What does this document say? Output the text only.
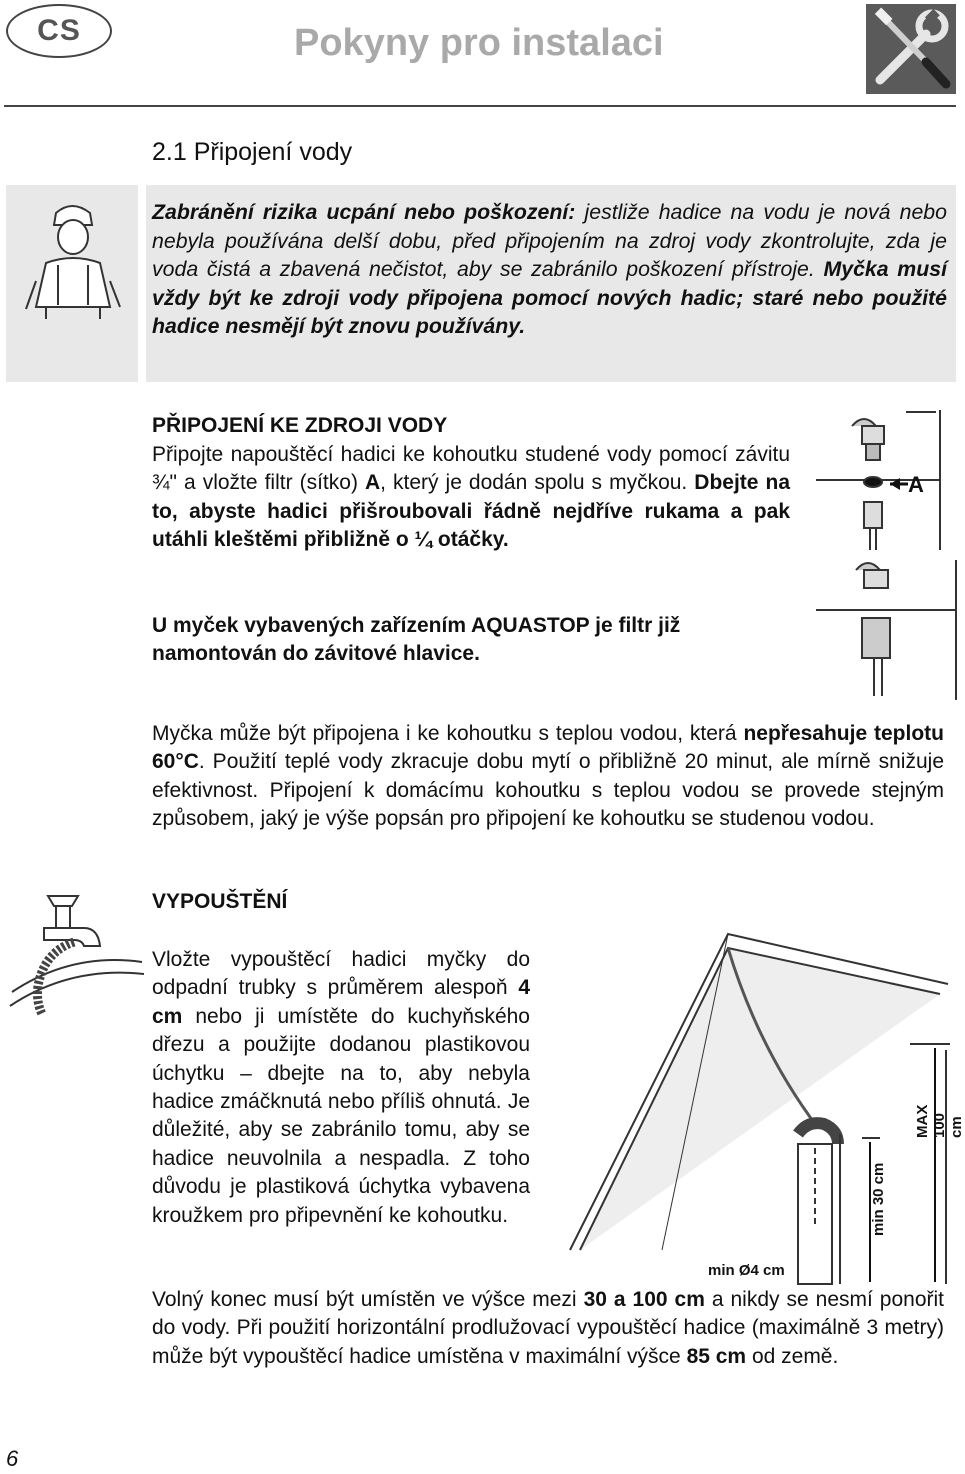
CS	Pokyny pro instalaci
2.1 Připojení vody
Zabránění rizika ucpání nebo poškození: jestliže hadice na vodu je nová nebo nebyla používána delší dobu, před připojením na zdroj vody zkontrolujte, zda je voda čistá a zbavená nečistot, aby se zabránilo poškození přístroje. Myčka musí vždy být ke zdroji vody připojena pomocí nových hadic; staré nebo použité hadice nesmějí být znovu používány.
PŘIPOJENÍ KE ZDROJI VODY

Připojte napouštěcí hadici ke kohoutku studené vody pomocí závitu ¾" a vložte filtr (sítko) A, který je dodán spolu s myčkou. Dbejte na to, abyste hadici přišroubovali řádně nejdříve rukama a pak utáhli kleštěmi přibližně o ¼ otáčky.

U myček vybavených zařízením AQUASTOP je filtr již namontován do závitové hlavice.

A

Myčka může být připojena i ke kohoutku s teplou vodou, která nepřesahuje teplotu 60°C. Použití teplé vody zkracuje dobu mytí o přibližně 20 minut, ale mírně snižuje efektivnost. Připojení k domácímu kohoutku s teplou vodou se provede stejným způsobem, jaký je výše popsán pro připojení ke kohoutku se studenou vodou.

VYPOUŠTĚNÍ

Vložte vypouštěcí hadici myčky do odpadní trubky s průměrem alespoň 4 cm nebo ji umístěte do kuchyňského dřezu a použijte dodanou plastikovou úchytku – dbejte na to, aby nebyla hadice zmáčknutá nebo příliš ohnutá. Je důležité, aby se zabránilo tomu, aby se hadice neuvolnila a nespadla. Z toho důvodu je plastiková úchytka vybavena kroužkem pro připevnění ke kohoutku.	min 30 cm
MAX 100 cm
min Ø4 cm

Volný konec musí být umístěn ve výšce mezi 30 a 100 cm a nikdy se nesmí ponořit do vody. Při použití horizontální prodlužovací vypouštěcí hadice (maximálně 3 metry) může být vypouštěcí hadice umístěna v maximální výšce 85 cm od země.

6
